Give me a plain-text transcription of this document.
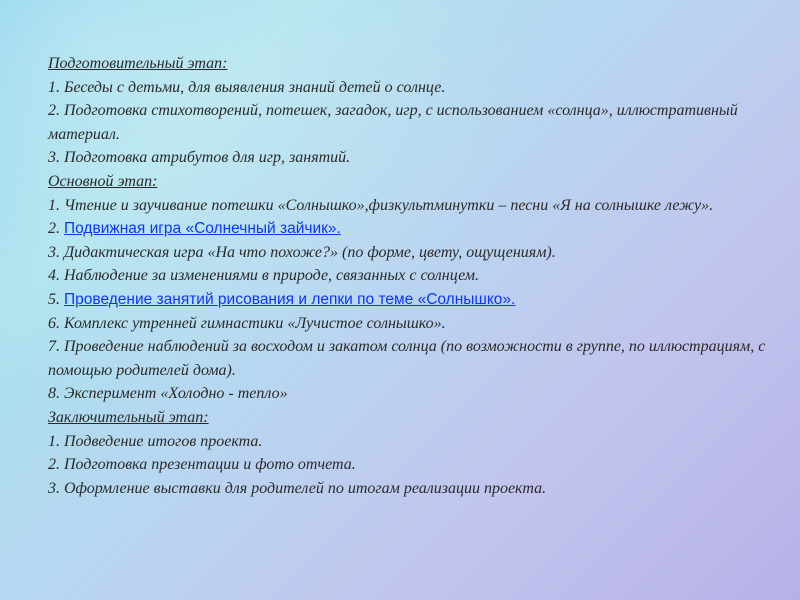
Подготовительный этап:
1. Беседы с детьми, для выявления знаний детей о солнце.
2. Подготовка стихотворений, потешек, загадок, игр, с использованием «солнца», иллюстративный материал.
3. Подготовка атрибутов для игр, занятий.
Основной этап:
1. Чтение и заучивание потешки «Солнышко»,физкультминутки – песни «Я на солнышке лежу».
2. Подвижная игра «Солнечный зайчик».
3. Дидактическая игра «На что похоже?» (по форме, цвету, ощущениям).
4. Наблюдение за изменениями в природе, связанных с солнцем.
5. Проведение занятий рисования и лепки по теме «Солнышко».
6. Комплекс утренней гимнастики «Лучистое солнышко».
7. Проведение наблюдений за восходом и закатом солнца (по возможности в группе, по иллюстрациям, с помощью родителей дома).
8. Эксперимент «Холодно - тепло»
Заключительный этап:
1. Подведение итогов проекта.
2. Подготовка презентации и фото отчета.
3. Оформление выставки для родителей по итогам реализации проекта.
